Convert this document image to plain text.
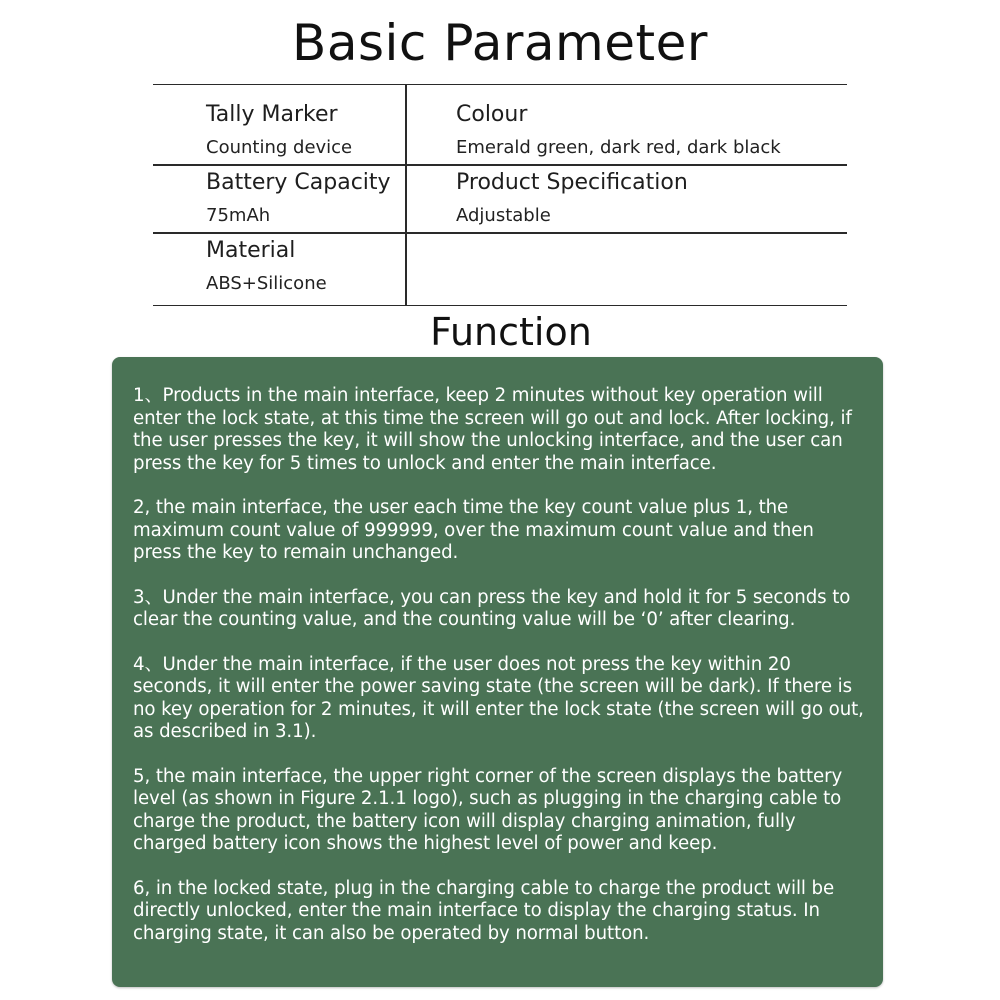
Basic Parameter
Tally Marker
Counting device
Colour
Emerald green, dark red, dark black
Battery Capacity
75mAh
Product Specification
Adjustable
Material
ABS+Silicone
Function

1、Products in the main interface, keep 2 minutes without key operation will enter the lock state, at this time the screen will go out and lock. After locking, if the user presses the key, it will show the unlocking interface, and the user can press the key for 5 times to unlock and enter the main interface.

2, the main interface, the user each time the key count value plus 1, the maximum count value of 999999, over the maximum count value and then press the key to remain unchanged.

3、Under the main interface, you can press the key and hold it for 5 seconds to clear the counting value, and the counting value will be ‘0’ after clearing.

4、Under the main interface, if the user does not press the key within 20 seconds, it will enter the power saving state (the screen will be dark). If there is no key operation for 2 minutes, it will enter the lock state (the screen will go out, as described in 3.1).

5, the main interface, the upper right corner of the screen displays the battery level (as shown in Figure 2.1.1 logo), such as plugging in the charging cable to charge the product, the battery icon will display charging animation, fully charged battery icon shows the highest level of power and keep.

6, in the locked state, plug in the charging cable to charge the product will be directly unlocked, enter the main interface to display the charging status. In charging state, it can also be operated by normal button.
